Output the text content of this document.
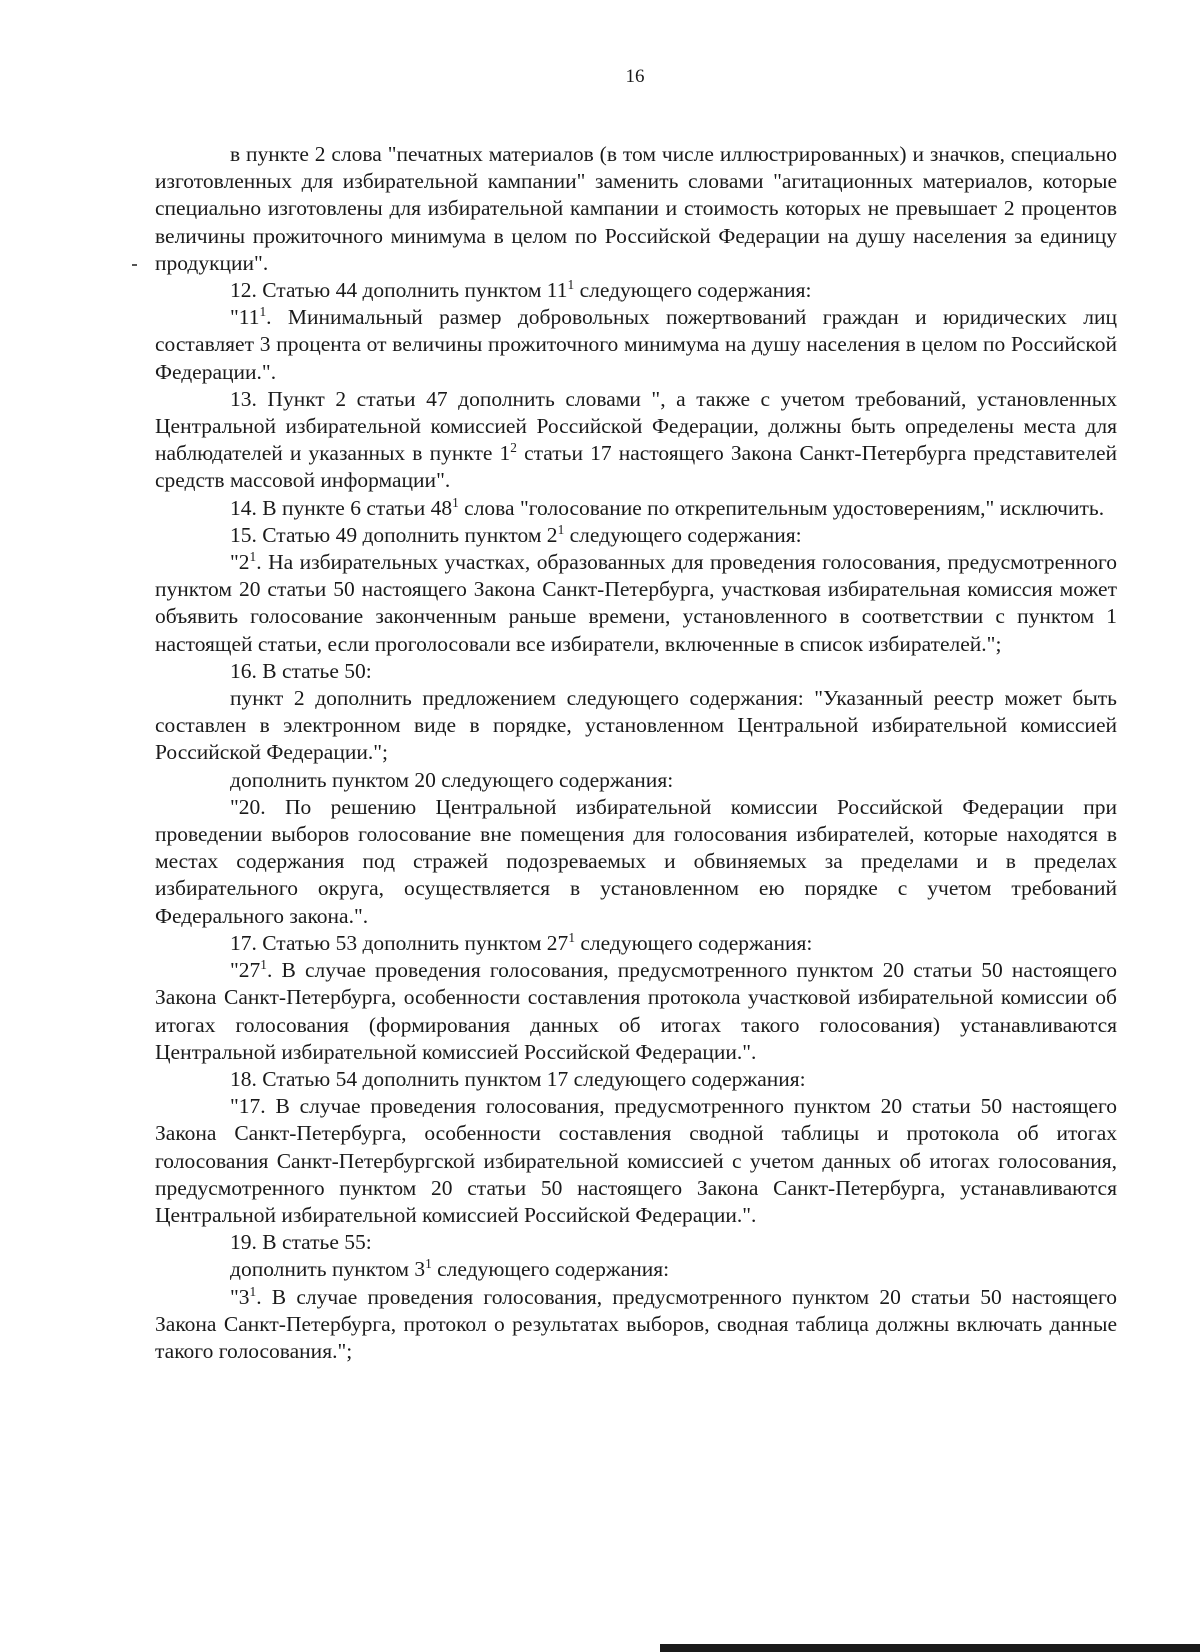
16

в пункте 2 слова "печатных материалов (в том числе иллюстрированных) и значков, специально изготовленных для избирательной кампании" заменить словами "агитационных материалов, которые специально изготовлены для избирательной кампании и стоимость которых не превышает 2 процентов величины прожиточного минимума в целом по Российской Федерации на душу населения за единицу продукции".

12. Статью 44 дополнить пунктом $11^1$ следующего содержания:

"$11^1$. Минимальный размер добровольных пожертвований граждан и юридических лиц составляет 3 процента от величины прожиточного минимума на душу населения в целом по Российской Федерации.".

13. Пункт 2 статьи 47 дополнить словами ", а также с учетом требований, установленных Центральной избирательной комиссией Российской Федерации, должны быть определены места для наблюдателей и указанных в пункте $1^2$ статьи 17 настоящего Закона Санкт-Петербурга представителей средств массовой информации".

14. В пункте 6 статьи $48^1$ слова "голосование по открепительным удостоверениям," исключить.

15. Статью 49 дополнить пунктом $2^1$ следующего содержания:

"$2^1$. На избирательных участках, образованных для проведения голосования, предусмотренного пунктом 20 статьи 50 настоящего Закона Санкт-Петербурга, участковая избирательная комиссия может объявить голосование законченным раньше времени, установленного в соответствии с пунктом 1 настоящей статьи, если проголосовали все избиратели, включенные в список избирателей.";

16. В статье 50:

пункт 2 дополнить предложением следующего содержания: "Указанный реестр может быть составлен в электронном виде в порядке, установленном Центральной избирательной комиссией Российской Федерации.";

дополнить пунктом 20 следующего содержания:

"20. По решению Центральной избирательной комиссии Российской Федерации при проведении выборов голосование вне помещения для голосования избирателей, которые находятся в местах содержания под стражей подозреваемых и обвиняемых за пределами и в пределах избирательного округа, осуществляется в установленном ею порядке с учетом требований Федерального закона.".

17. Статью 53 дополнить пунктом $27^1$ следующего содержания:

"$27^1$. В случае проведения голосования, предусмотренного пунктом 20 статьи 50 настоящего Закона Санкт-Петербурга, особенности составления протокола участковой избирательной комиссии об итогах голосования (формирования данных об итогах такого голосования) устанавливаются Центральной избирательной комиссией Российской Федерации.".

18. Статью 54 дополнить пунктом 17 следующего содержания:

"17. В случае проведения голосования, предусмотренного пунктом 20 статьи 50 настоящего Закона Санкт-Петербурга, особенности составления сводной таблицы и протокола об итогах голосования Санкт-Петербургской избирательной комиссией с учетом данных об итогах голосования, предусмотренного пунктом 20 статьи 50 настоящего Закона Санкт-Петербурга, устанавливаются Центральной избирательной комиссией Российской Федерации.".

19. В статье 55:

дополнить пунктом $3^1$ следующего содержания:

"$3^1$. В случае проведения голосования, предусмотренного пунктом 20 статьи 50 настоящего Закона Санкт-Петербурга, протокол о результатах выборов, сводная таблица должны включать данные такого голосования.";
